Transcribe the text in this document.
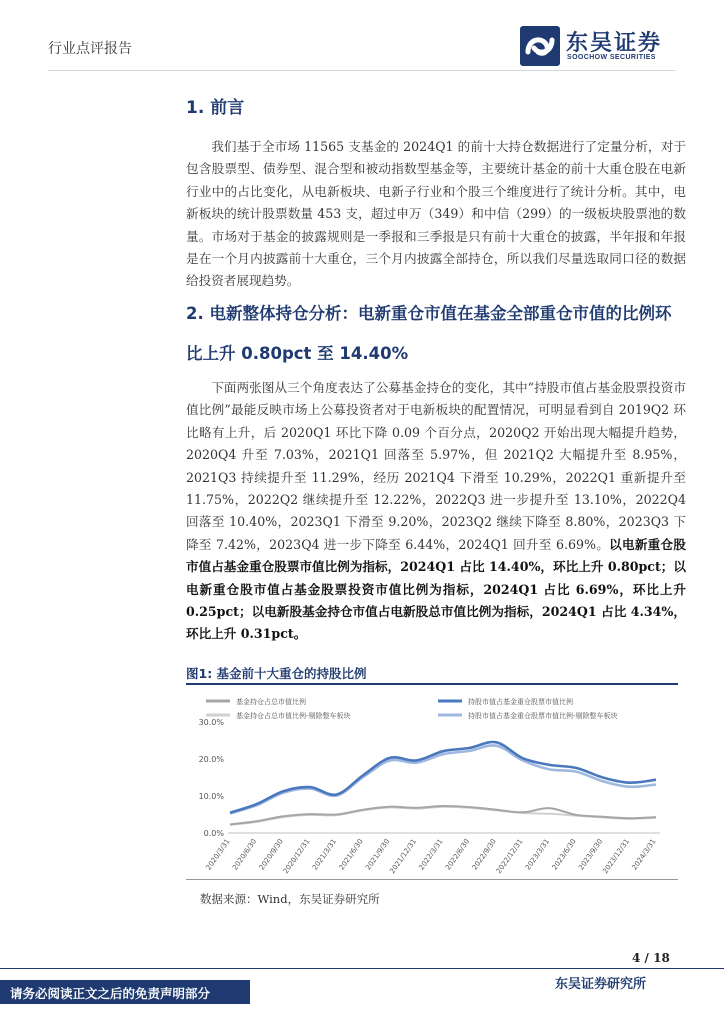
行业点评报告	东吴证券
SOOCHOW SECURITIES
1. 前言

我们基于全市场 11565 支基金的 2024Q1 的前十大持仓数据进行了定量分析，对于包含股票型、债券型、混合型和被动指数型基金等，主要统计基金的前十大重仓股在电新行业中的占比变化，从电新板块、电新子行业和个股三个维度进行了统计分析。其中，电新板块的统计股票数量 453 支，超过申万（349）和中信（299）的一级板块股票池的数量。市场对于基金的披露规则是一季报和三季报是只有前十大重仓的披露，半年报和年报是在一个月内披露前十大重仓，三个月内披露全部持仓，所以我们尽量选取同口径的数据给投资者展现趋势。

2. 电新整体持仓分析：电新重仓市值在基金全部重仓市值的比例环比上升 0.80pct 至 14.40%

下面两张图从三个角度表达了公募基金持仓的变化，其中“持股市值占基金股票投资市值比例”最能反映市场上公募投资者对于电新板块的配置情况，可明显看到自 2019Q2 环比略有上升，后 2020Q1 环比下降 0.09 个百分点，2020Q2 开始出现大幅提升趋势，2020Q4 升至 7.03%，2021Q1 回落至 5.97%，但 2021Q2 大幅提升至 8.95%，2021Q3 持续提升至 11.29%，经历 2021Q4 下滑至 10.29%，2022Q1 重新提升至 11.75%，2022Q2 继续提升至 12.22%，2022Q3 进一步提升至 13.10%，2022Q4 回落至 10.40%，2023Q1 下滑至 9.20%，2023Q2 继续下降至 8.80%，2023Q3 下降至 7.42%，2023Q4 进一步下降至 6.44%，2024Q1 回升至 6.69%。以电新重仓股市值占基金重仓股票市值比例为指标，2024Q1 占比 14.40%，环比上升 0.80pct；以电新重仓股市值占基金股票投资市值比例为指标，2024Q1 占比 6.69%，环比上升 0.25pct；以电新股基金持仓市值占电新股总市值比例为指标，2024Q1 占比 4.34%，环比上升 0.31pct。

图1: 基金前十大重仓的持股比例
基金持仓占总市值比例	持股市值占基金重仓股票市值比例
基金持仓占总市值比例-剔除整车板块	持股市值占基金重仓股票市值比例-剔除整车板块
0.0%
10.0%
20.0%
30.0%
2020/3/31 2020/6/30 2020/9/30
2020/12/31 2021/3/31 2021/6/30 2021/9/30
2021/12/31 2022/3/31 2022/6/30 2022/9/30
2022/12/31 2023/3/31 2023/6/30 2023/9/30
2023/12/31 2024/3/31
数据来源：Wind，东吴证券研究所
4 / 18
东吴证券研究所
请务必阅读正文之后的免责声明部分
